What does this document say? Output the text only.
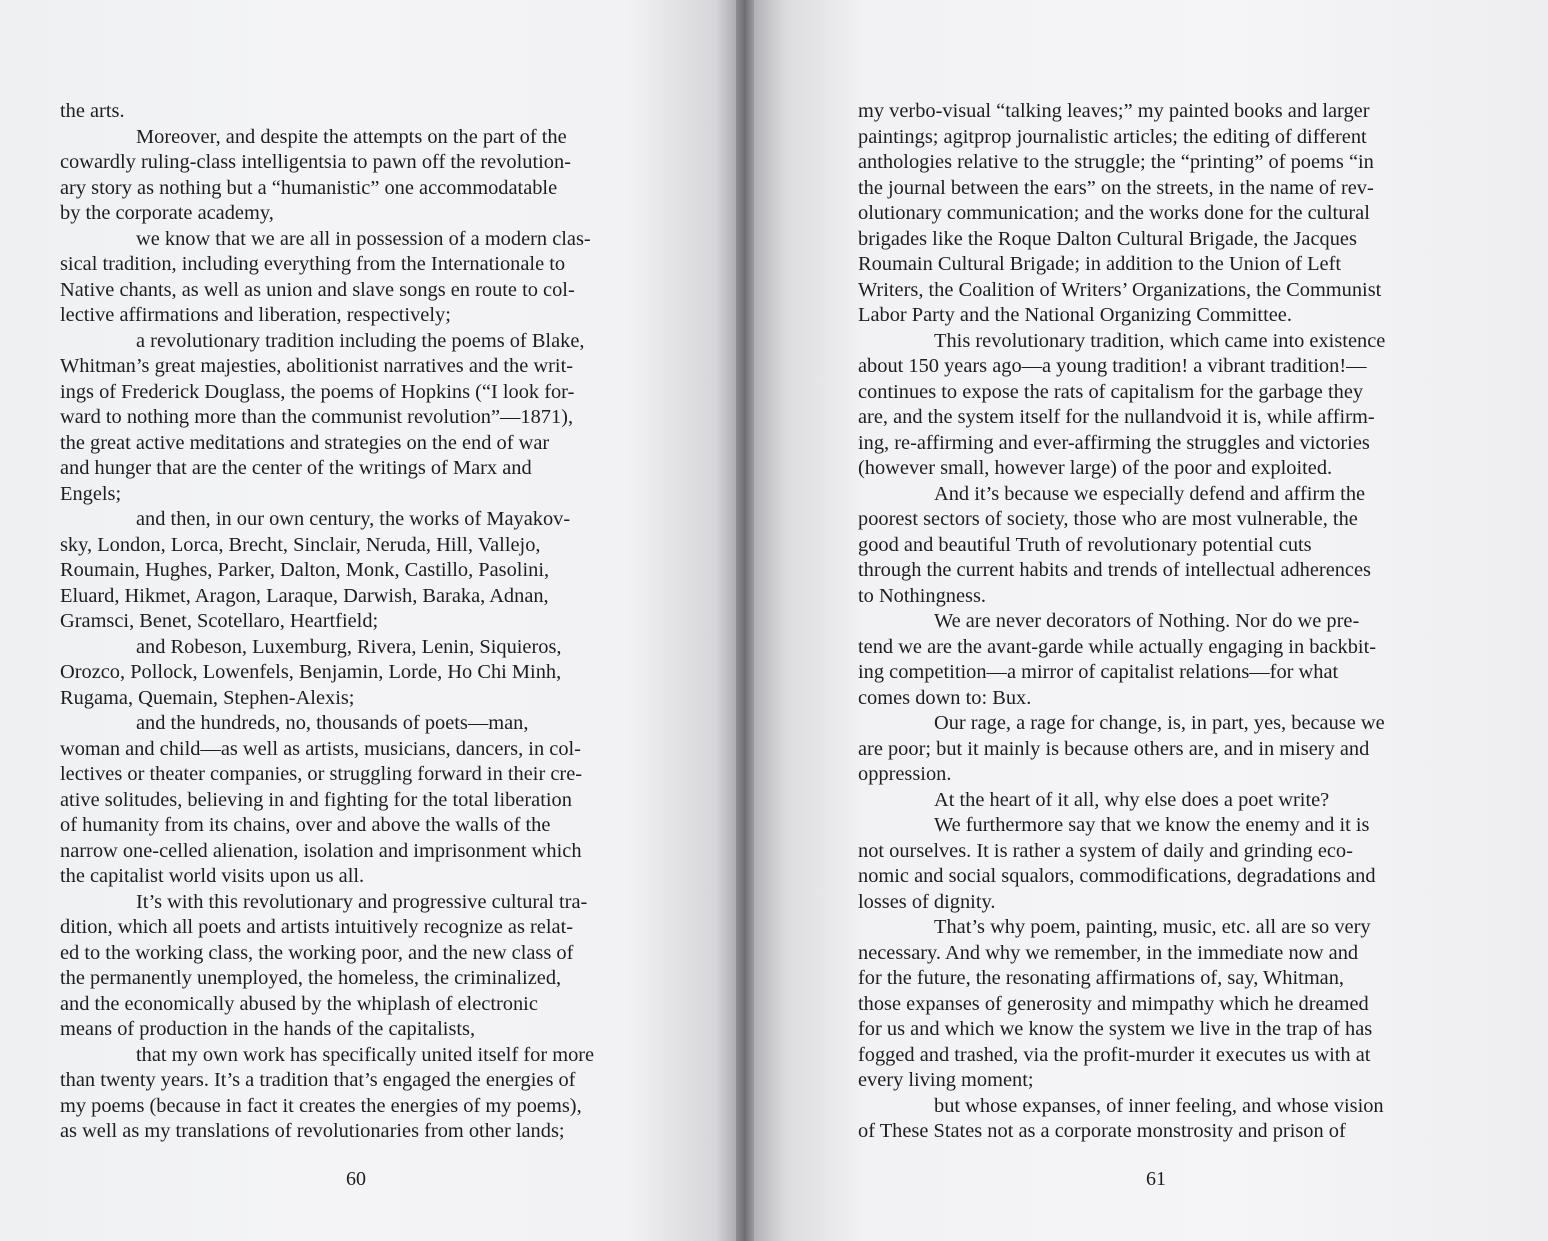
the arts.

Moreover, and despite the attempts on the part of the

cowardly ruling-class intelligentsia to pawn off the revolution-

ary story as nothing but a “humanistic” one accommodatable

by the corporate academy,

we know that we are all in possession of a modern clas-

sical tradition, including everything from the Internationale to

Native chants, as well as union and slave songs en route to col-

lective affirmations and liberation, respectively;

a revolutionary tradition including the poems of Blake,

Whitman’s great majesties, abolitionist narratives and the writ-

ings of Frederick Douglass, the poems of Hopkins (“I look for-

ward to nothing more than the communist revolution”—1871),

the great active meditations and strategies on the end of war

and hunger that are the center of the writings of Marx and

Engels;

and then, in our own century, the works of Mayakov-

sky, London, Lorca, Brecht, Sinclair, Neruda, Hill, Vallejo,

Roumain, Hughes, Parker, Dalton, Monk, Castillo, Pasolini,

Eluard, Hikmet, Aragon, Laraque, Darwish, Baraka, Adnan,

Gramsci, Benet, Scotellaro, Heartfield;

and Robeson, Luxemburg, Rivera, Lenin, Siquieros,

Orozco, Pollock, Lowenfels, Benjamin, Lorde, Ho Chi Minh,

Rugama, Quemain, Stephen-Alexis;

and the hundreds, no, thousands of poets—man,

woman and child—as well as artists, musicians, dancers, in col-

lectives or theater companies, or struggling forward in their cre-

ative solitudes, believing in and fighting for the total liberation

of humanity from its chains, over and above the walls of the

narrow one-celled alienation, isolation and imprisonment which

the capitalist world visits upon us all.

It’s with this revolutionary and progressive cultural tra-

dition, which all poets and artists intuitively recognize as relat-

ed to the working class, the working poor, and the new class of

the permanently unemployed, the homeless, the criminalized,

and the economically abused by the whiplash of electronic

means of production in the hands of the capitalists,

that my own work has specifically united itself for more

than twenty years. It’s a tradition that’s engaged the energies of

my poems (because in fact it creates the energies of my poems),

as well as my translations of revolutionaries from other lands;

60

my verbo-visual “talking leaves;” my painted books and larger

paintings; agitprop journalistic articles; the editing of different

anthologies relative to the struggle; the “printing” of poems “in

the journal between the ears” on the streets, in the name of rev-

olutionary communication; and the works done for the cultural

brigades like the Roque Dalton Cultural Brigade, the Jacques

Roumain Cultural Brigade; in addition to the Union of Left

Writers, the Coalition of Writers’ Organizations, the Communist

Labor Party and the National Organizing Committee.

This revolutionary tradition, which came into existence

about 150 years ago—a young tradition! a vibrant tradition!—

continues to expose the rats of capitalism for the garbage they

are, and the system itself for the nullandvoid it is, while affirm-

ing, re-affirming and ever-affirming the struggles and victories

(however small, however large) of the poor and exploited.

And it’s because we especially defend and affirm the

poorest sectors of society, those who are most vulnerable, the

good and beautiful Truth of revolutionary potential cuts

through the current habits and trends of intellectual adherences

to Nothingness.

We are never decorators of Nothing. Nor do we pre-

tend we are the avant-garde while actually engaging in backbit-

ing competition—a mirror of capitalist relations—for what

comes down to: Bux.

Our rage, a rage for change, is, in part, yes, because we

are poor; but it mainly is because others are, and in misery and

oppression.

At the heart of it all, why else does a poet write?

We furthermore say that we know the enemy and it is

not ourselves. It is rather a system of daily and grinding eco-

nomic and social squalors, commodifications, degradations and

losses of dignity.

That’s why poem, painting, music, etc. all are so very

necessary. And why we remember, in the immediate now and

for the future, the resonating affirmations of, say, Whitman,

those expanses of generosity and mimpathy which he dreamed

for us and which we know the system we live in the trap of has

fogged and trashed, via the profit-murder it executes us with at

every living moment;

but whose expanses, of inner feeling, and whose vision

of These States not as a corporate monstrosity and prison of

61
